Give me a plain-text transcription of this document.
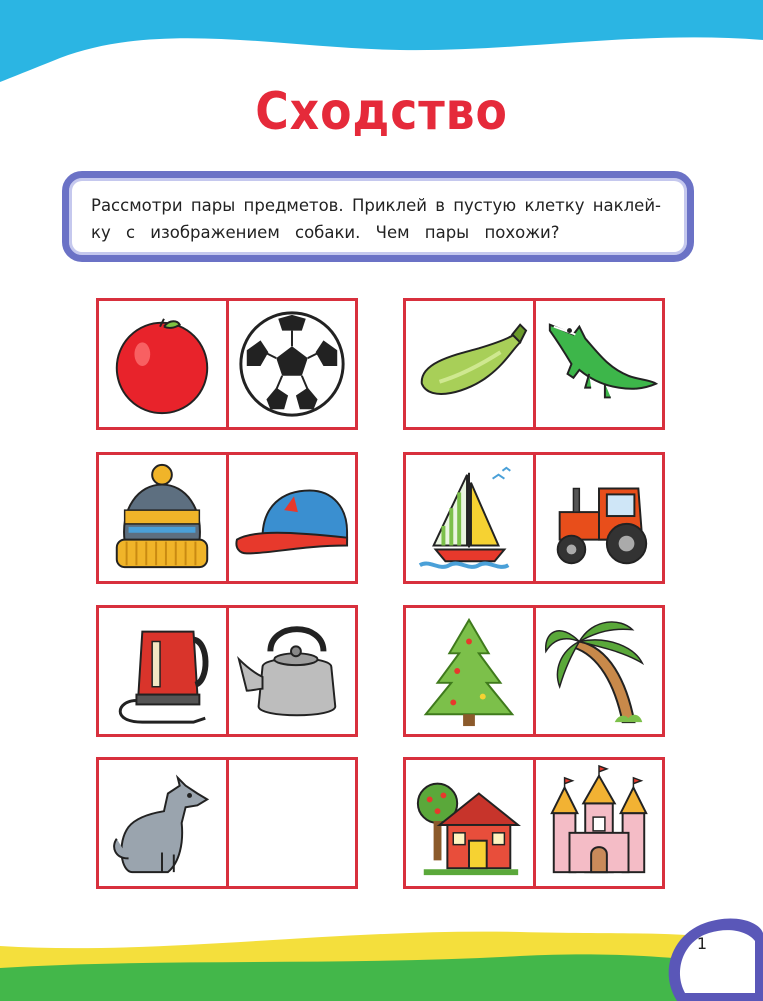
Сходство
Рассмотри пары предметов. Приклей в пустую клетку наклей-
ку с изображением собаки. Чем пары похожи?
1
